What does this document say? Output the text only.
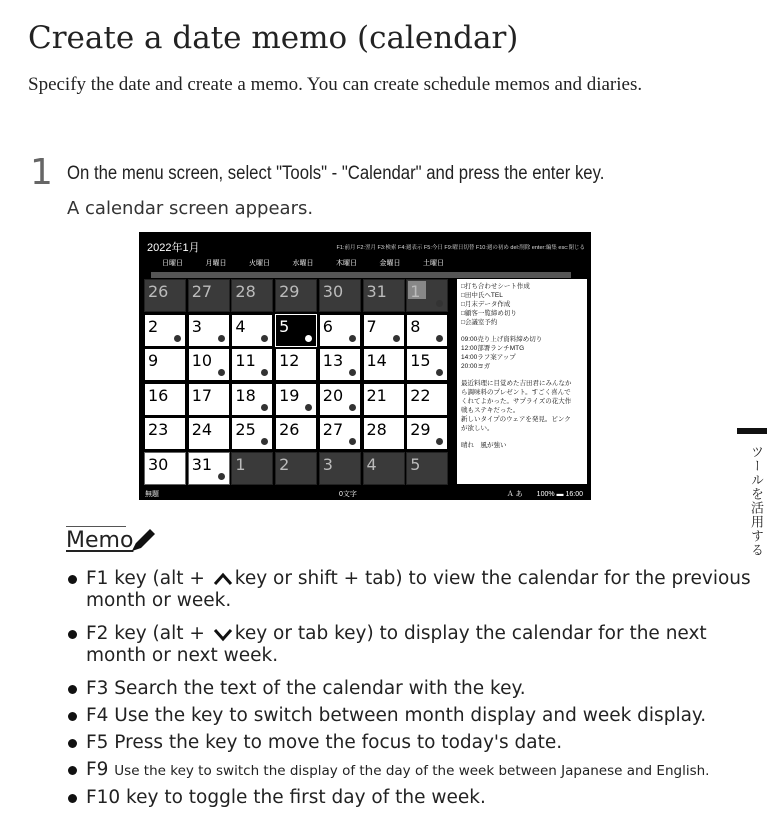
Create a date memo (calendar)
Specify the date and create a memo. You can create schedule memos and diaries.
1 On the menu screen, select "Tools" - "Calendar" and press the enter key.
A calendar screen appears.
2022年1月	F1:前月 F2:翌月 F3:検索 F4:週表示 F5:今日 F9:曜日切替 F10:週の初め del:削除 enter:編集 esc:閉じる
日曜日	月曜日	火曜日	水曜日	木曜日	金曜日	土曜日
26 27 28 29 30 31 1
2 3 4 5 6 7 8
9 10 11 12 13 14 15
16 17 18 19 20 21 22
23 24 25 26 27 28 29
30 31 1 2 3 4 5
□打ち合わせシート作成
□田中氏へTEL
□月末データ作成
□顧客一覧締め切り
□会議室予約
09:00売り上げ資料締め切り
12:00部署ランチMTG
14:00ラフ案アップ
20:00ヨガ
最近料理に目覚めた吉田君にみんなか
ら調味料のプレゼント。すごく喜んで
くれてよかった。サプライズの花大作
戦もステキだった。
新しいタイプのウェアを発見。ピンク
が欲しい。
晴れ　風が強い
無題	0文字	Ａ あ　　100% ▬ 16:00	ツールを活用する
Memo
F1 key (alt + key or shift + tab) to view the calendar for the previous month or week.
F2 key (alt + key or tab key) to display the calendar for the next month or next week.
F3 Search the text of the calendar with the key.
F4 Use the key to switch between month display and week display.
F5 Press the key to move the focus to today's date.
F9 Use the key to switch the display of the day of the week between Japanese and English.
F10 key to toggle the first day of the week.
